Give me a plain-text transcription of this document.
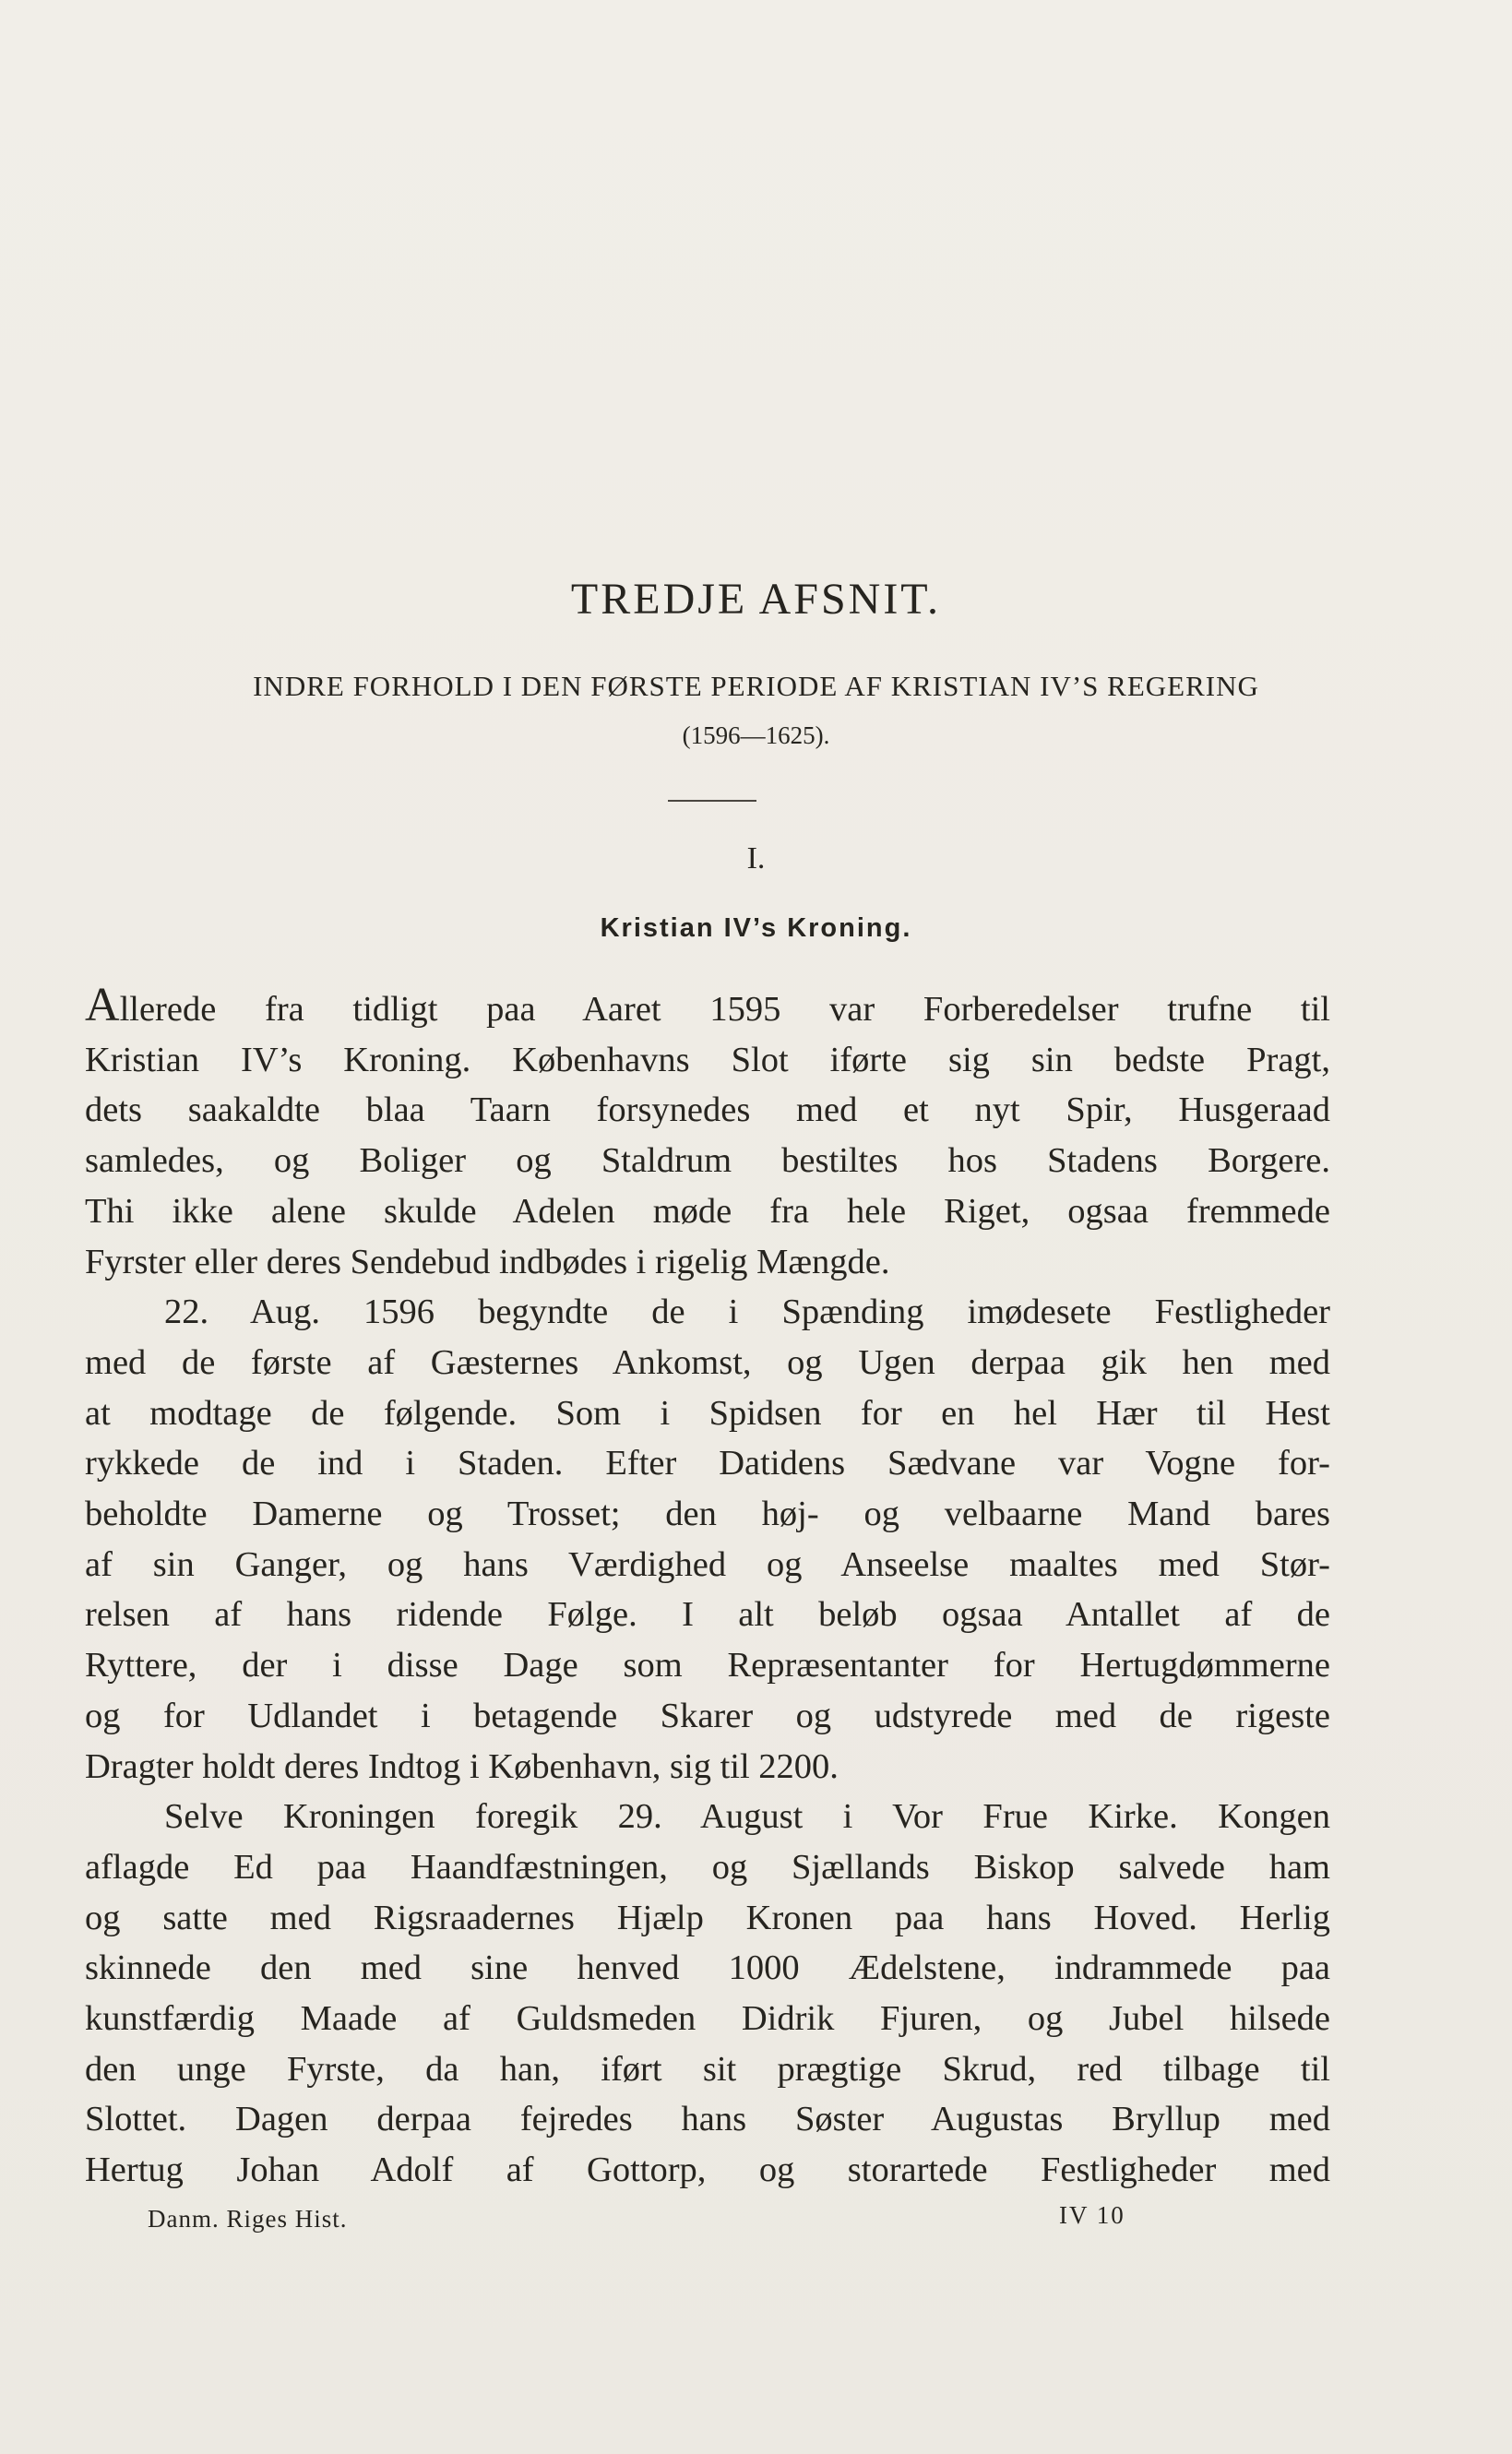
TREDJE AFSNIT.

INDRE FORHOLD I DEN FØRSTE PERIODE AF KRISTIAN IV’S REGERING

(1596—1625).

I.

Kristian IV’s Kroning.
Allerede fra tidligt paa Aaret 1595 var Forberedelser trufne til
Kristian IV’s Kroning. Københavns Slot iførte sig sin bedste Pragt,
dets saakaldte blaa Taarn forsynedes med et nyt Spir, Husgeraad
samledes, og Boliger og Staldrum bestiltes hos Stadens Borgere.
Thi ikke alene skulde Adelen møde fra hele Riget, ogsaa fremmede
Fyrster eller deres Sendebud indbødes i rigelig Mængde.
22. Aug. 1596 begyndte de i Spænding imødesete Festligheder
med de første af Gæsternes Ankomst, og Ugen derpaa gik hen med
at modtage de følgende. Som i Spidsen for en hel Hær til Hest
rykkede de ind i Staden. Efter Datidens Sædvane var Vogne for-
beholdte Damerne og Trosset; den høj- og velbaarne Mand bares
af sin Ganger, og hans Værdighed og Anseelse maaltes med Stør-
relsen af hans ridende Følge. I alt beløb ogsaa Antallet af de
Ryttere, der i disse Dage som Repræsentanter for Hertugdømmerne
og for Udlandet i betagende Skarer og udstyrede med de rigeste
Dragter holdt deres Indtog i København, sig til 2200.
Selve Kroningen foregik 29. August i Vor Frue Kirke. Kongen
aflagde Ed paa Haandfæstningen, og Sjællands Biskop salvede ham
og satte med Rigsraadernes Hjælp Kronen paa hans Hoved. Herlig
skinnede den med sine henved 1000 Ædelstene, indrammede paa
kunstfærdig Maade af Guldsmeden Didrik Fjuren, og Jubel hilsede
den unge Fyrste, da han, iført sit prægtige Skrud, red tilbage til
Slottet. Dagen derpaa fejredes hans Søster Augustas Bryllup med
Hertug Johan Adolf af Gottorp, og storartede Festligheder med

Danm. Riges Hist.	IV 10
